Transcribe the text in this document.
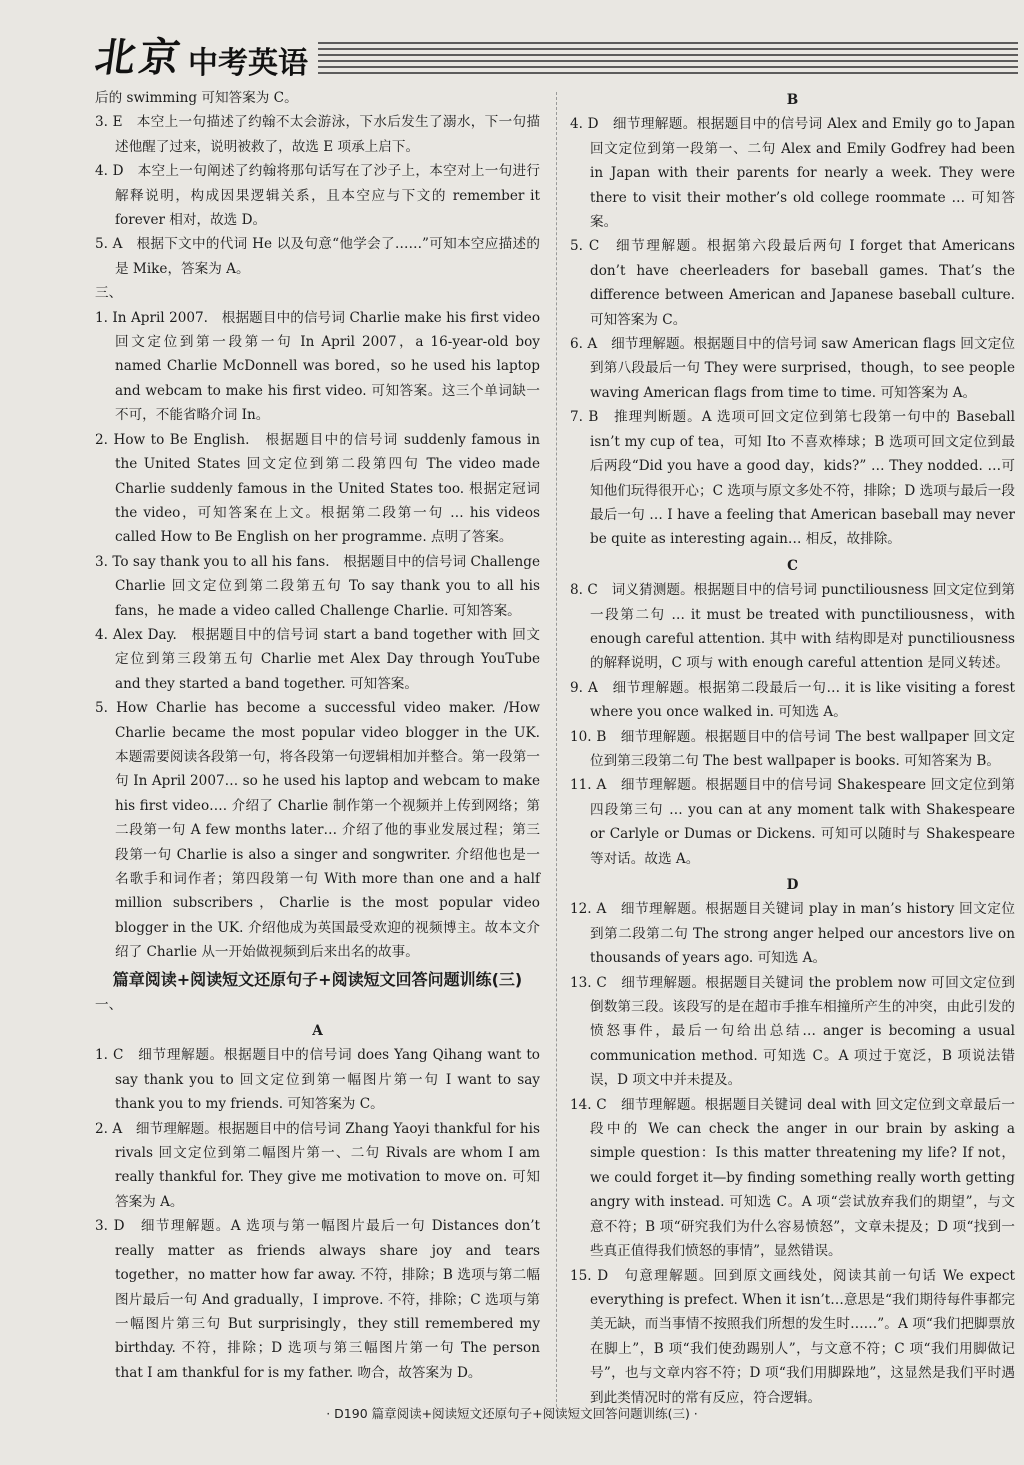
北京 中考英语

后的 swimming 可知答案为 C。

3. E　本空上一句描述了约翰不太会游泳，下水后发生了溺水，下一句描述他醒了过来，说明被救了，故选 E 项承上启下。

4. D　本空上一句阐述了约翰将那句话写在了沙子上，本空对上一句进行解释说明，构成因果逻辑关系，且本空应与下文的 remember it forever 相对，故选 D。

5. A　根据下文中的代词 He 以及句意“他学会了……”可知本空应描述的是 Mike，答案为 A。

三、

1. In April 2007.　根据题目中的信号词 Charlie make his first video 回文定位到第一段第一句 In April 2007，a 16-year-old boy named Charlie McDonnell was bored，so he used his laptop and webcam to make his first video. 可知答案。这三个单词缺一不可，不能省略介词 In。

2. How to Be English.　根据题目中的信号词 suddenly famous in the United States 回文定位到第二段第四句 The video made Charlie suddenly famous in the United States too. 根据定冠词 the video，可知答案在上文。根据第二段第一句 … his videos called How to Be English on her programme. 点明了答案。

3. To say thank you to all his fans.　根据题目中的信号词 Challenge Charlie 回文定位到第二段第五句 To say thank you to all his fans，he made a video called Challenge Charlie. 可知答案。

4. Alex Day.　根据题目中的信号词 start a band together with 回文定位到第三段第五句 Charlie met Alex Day through YouTube and they started a band together. 可知答案。

5. How Charlie has become a successful video maker. /How Charlie became the most popular video blogger in the UK.　本题需要阅读各段第一句，将各段第一句逻辑相加并整合。第一段第一句 In April 2007… so he used his laptop and webcam to make his first video…. 介绍了 Charlie 制作第一个视频并上传到网络；第二段第一句 A few months later… 介绍了他的事业发展过程；第三段第一句 Charlie is also a singer and songwriter. 介绍他也是一名歌手和词作者；第四段第一句 With more than one and a half million subscribers，Charlie is the most popular video blogger in the UK. 介绍他成为英国最受欢迎的视频博主。故本文介绍了 Charlie 从一开始做视频到后来出名的故事。

篇章阅读+阅读短文还原句子+阅读短文回答问题训练(三)

一、

A

1. C　细节理解题。根据题目中的信号词 does Yang Qihang want to say thank you to 回文定位到第一幅图片第一句 I want to say thank you to my friends. 可知答案为 C。

2. A　细节理解题。根据题目中的信号词 Zhang Yaoyi thankful for his rivals 回文定位到第二幅图片第一、二句 Rivals are whom I am really thankful for. They give me motivation to move on. 可知答案为 A。

3. D　细节理解题。A 选项与第一幅图片最后一句 Distances don’t really matter as friends always share joy and tears together，no matter how far away. 不符，排除；B 选项与第二幅图片最后一句 And gradually，I improve. 不符，排除；C 选项与第一幅图片第三句 But surprisingly，they still remembered my birthday. 不符，排除；D 选项与第三幅图片第一句 The person that I am thankful for is my father. 吻合，故答案为 D。

B

4. D　细节理解题。根据题目中的信号词 Alex and Emily go to Japan 回文定位到第一段第一、二句 Alex and Emily Godfrey had been in Japan with their parents for nearly a week. They were there to visit their mother’s old college roommate … 可知答案。

5. C　细节理解题。根据第六段最后两句 I forget that Americans don’t have cheerleaders for baseball games. That’s the difference between American and Japanese baseball culture. 可知答案为 C。

6. A　细节理解题。根据题目中的信号词 saw American flags 回文定位到第八段最后一句 They were surprised，though，to see people waving American flags from time to time. 可知答案为 A。

7. B　推理判断题。A 选项可回文定位到第七段第一句中的 Baseball isn’t my cup of tea，可知 Ito 不喜欢棒球；B 选项可回文定位到最后两段“Did you have a good day，kids?” … They nodded. …可知他们玩得很开心；C 选项与原文多处不符，排除；D 选项与最后一段最后一句 … I have a feeling that American baseball may never be quite as interesting again… 相反，故排除。

C

8. C　词义猜测题。根据题目中的信号词 punctiliousness 回文定位到第一段第二句 … it must be treated with punctiliousness，with enough careful attention. 其中 with 结构即是对 punctiliousness 的解释说明，C 项与 with enough careful attention 是同义转述。

9. A　细节理解题。根据第二段最后一句… it is like visiting a forest where you once walked in. 可知选 A。

10. B　细节理解题。根据题目中的信号词 The best wallpaper 回文定位到第三段第二句 The best wallpaper is books. 可知答案为 B。

11. A　细节理解题。根据题目中的信号词 Shakespeare 回文定位到第四段第三句 … you can at any moment talk with Shakespeare or Carlyle or Dumas or Dickens. 可知可以随时与 Shakespeare 等对话。故选 A。

D

12. A　细节理解题。根据题目关键词 play in man’s history 回文定位到第二段第二句 The strong anger helped our ancestors live on thousands of years ago. 可知选 A。

13. C　细节理解题。根据题目关键词 the problem now 可回文定位到倒数第三段。该段写的是在超市手推车相撞所产生的冲突，由此引发的愤怒事件，最后一句给出总结… anger is becoming a usual communication method. 可知选 C。A 项过于宽泛，B 项说法错误，D 项文中并未提及。

14. C　细节理解题。根据题目关键词 deal with 回文定位到文章最后一段中的 We can check the anger in our brain by asking a simple question：Is this matter threatening my life? If not，we could forget it—by finding something really worth getting angry with instead. 可知选 C。A 项“尝试放弃我们的期望”，与文意不符；B 项“研究我们为什么容易愤怒”，文章未提及；D 项“找到一些真正值得我们愤怒的事情”，显然错误。

15. D　句意理解题。回到原文画线处，阅读其前一句话 We expect everything is prefect. When it isn’t…意思是“我们期待每件事都完美无缺，而当事情不按照我们所想的发生时……”。A 项“我们把脚票放在脚上”，B 项“我们使劲踢别人”，与文意不符；C 项“我们用脚做记号”，也与文章内容不符；D 项“我们用脚跺地”，这显然是我们平时遇到此类情况时的常有反应，符合逻辑。

· D190 篇章阅读+阅读短文还原句子+阅读短文回答问题训练(三) ·
